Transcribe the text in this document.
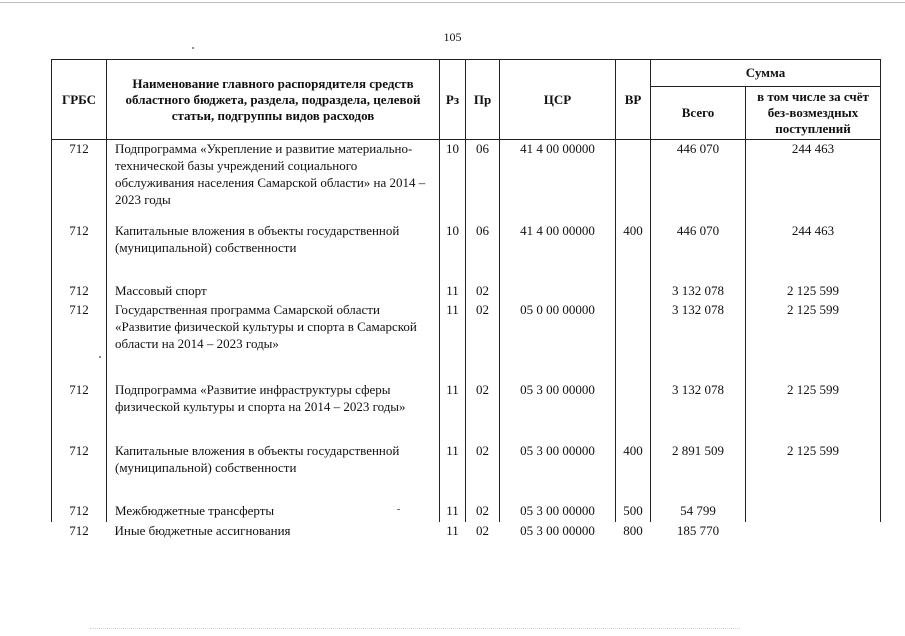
105
ГРБС	Наименование главного распорядителя средств областного бюджета, раздела, подраздела, целевой статьи, подгруппы видов расходов	Рз	Пр	ЦСР	ВР	Сумма	
						Всего	в том числе за счёт без-возмездных поступлений
712	Подпрограмма «Укрепление и развитие материально-технической базы учреждений социального обслуживания населения Самарской области» на 2014 – 2023 годы	10	06	41 4 00 00000		446 070	244 463
712	Капитальные вложения в объекты государственной (муниципальной) собственности	10	06	41 4 00 00000	400	446 070	244 463
712	Массовый спорт	11	02			3 132 078	2 125 599
712	Государственная программа Самарской области «Развитие физической культуры и спорта в Самарской области на 2014 – 2023 годы»	11	02	05 0 00 00000		3 132 078	2 125 599
712	Подпрограмма «Развитие инфраструктуры сферы физической культуры и спорта на 2014 – 2023 годы»	11	02	05 3 00 00000		3 132 078	2 125 599
712	Капитальные вложения в объекты государственной (муниципальной) собственности	11	02	05 3 00 00000	400	2 891 509	2 125 599
712	Межбюджетные трансферты	11	02	05 3 00 00000	500	54 799	
712	Иные бюджетные ассигнования	11	02	05 3 00 00000	800	185 770	
